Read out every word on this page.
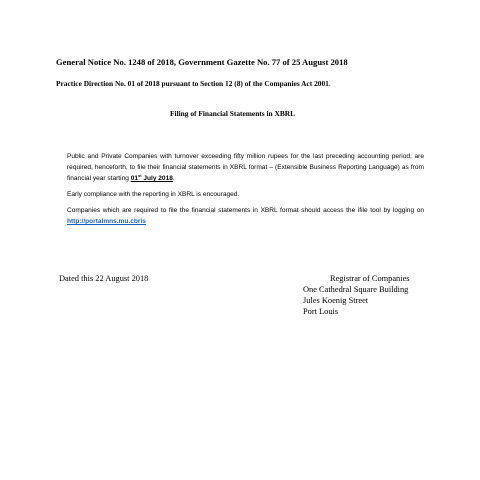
General Notice No. 1248 of 2018, Government Gazette No. 77 of 25 August 2018
Practice Direction No. 01 of 2018 pursuant to Section 12 (8) of the Companies Act 2001.
Filing of Financial Statements in XBRL

Public and Private Companies with turnover exceeding fifty million rupees for the last preceding accounting period, are required, henceforth, to file their financial statements in XBRL format – (Extensible Business Reporting Language) as from financial year starting 01st July 2018.

Early compliance with the reporting in XBRL is encouraged.

Companies which are required to file the financial statements in XBRL format should access the ifile tool by logging on http://portalmns.mu.cbris

Dated this 22 August 2018	Registrar of Companies
One Cathedral Square Building
Jules Koenig Street
Port Louis
